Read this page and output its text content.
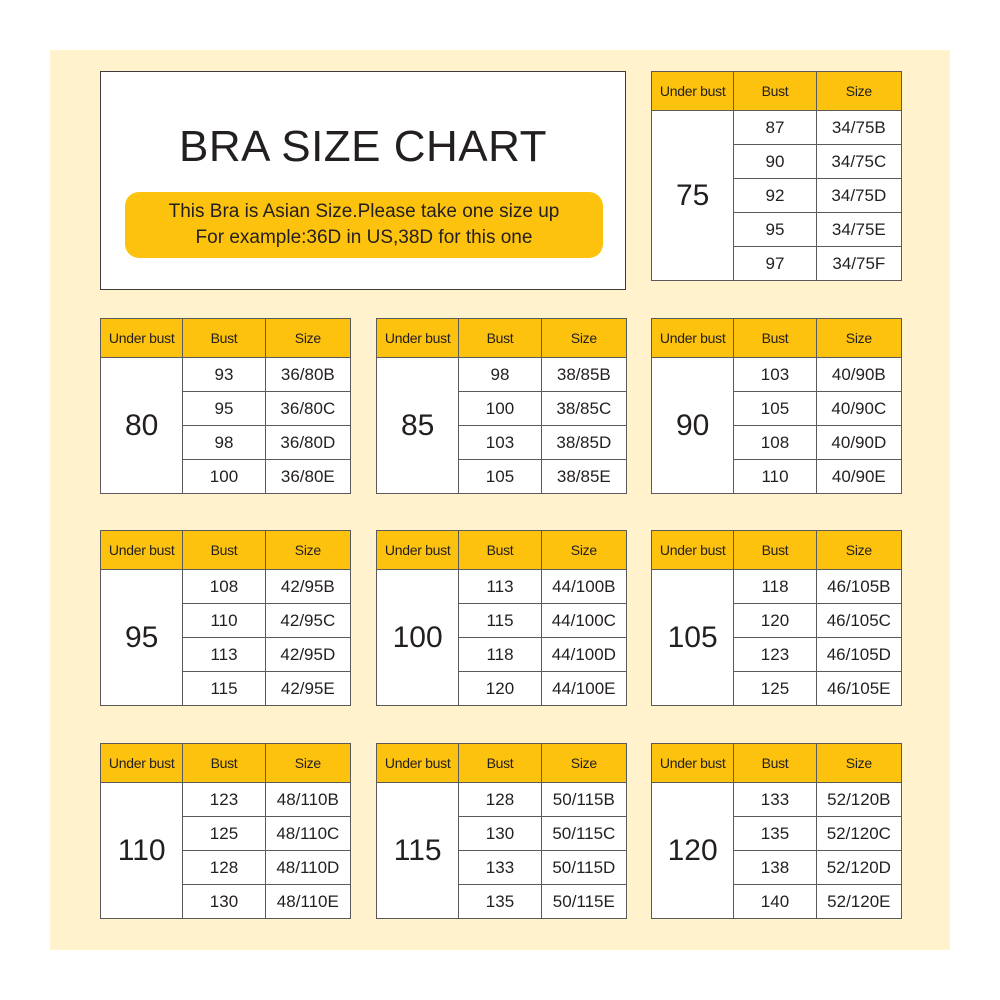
BRA SIZE CHART
This Bra is Asian Size.Please take one size up
For example:36D in US,38D for this one
Under bust	Bust	Size
75	87	34/75B
	90	34/75C
	92	34/75D
	95	34/75E
	97	34/75F
Under bust	Bust	Size
80	93	36/80B
	95	36/80C
	98	36/80D
	100	36/80E
Under bust	Bust	Size
85	98	38/85B
	100	38/85C
	103	38/85D
	105	38/85E
Under bust	Bust	Size
90	103	40/90B
	105	40/90C
	108	40/90D
	110	40/90E
Under bust	Bust	Size
95	108	42/95B
	110	42/95C
	113	42/95D
	115	42/95E
Under bust	Bust	Size
100	113	44/100B
	115	44/100C
	118	44/100D
	120	44/100E
Under bust	Bust	Size
105	118	46/105B
	120	46/105C
	123	46/105D
	125	46/105E
Under bust	Bust	Size
110	123	48/110B
	125	48/110C
	128	48/110D
	130	48/110E
Under bust	Bust	Size
115	128	50/115B
	130	50/115C
	133	50/115D
	135	50/115E
Under bust	Bust	Size
120	133	52/120B
	135	52/120C
	138	52/120D
	140	52/120E
